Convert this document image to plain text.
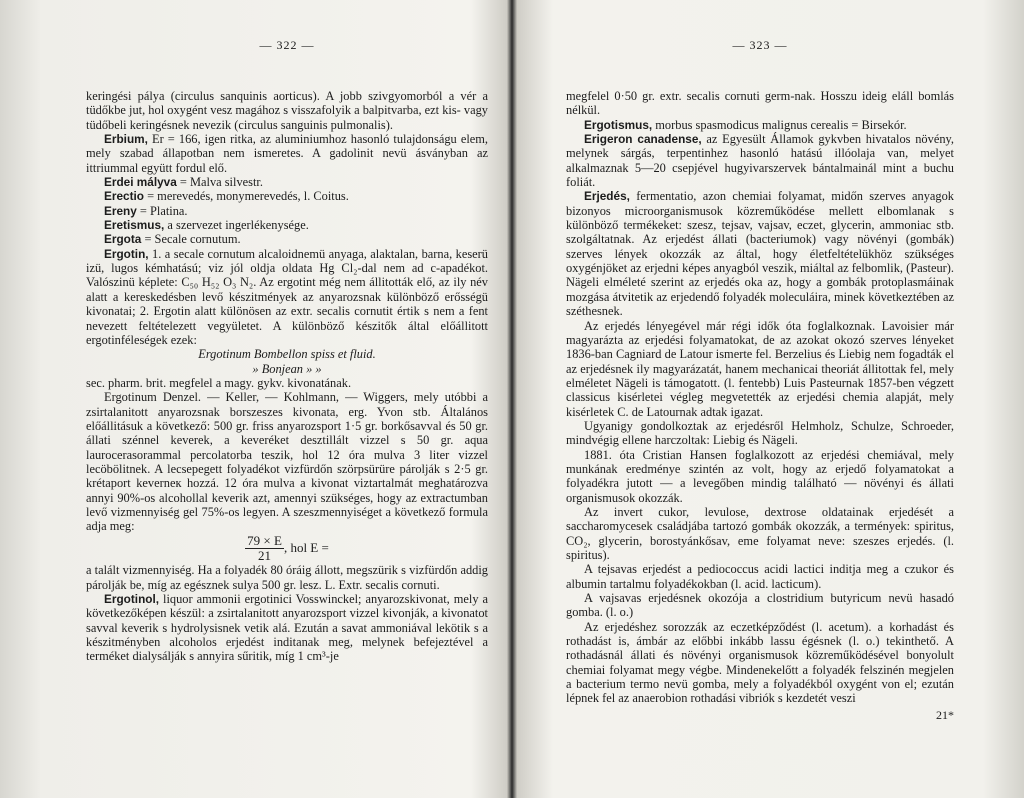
— 322 —

keringési pálya (circulus sanquinis aorticus). A jobb szivgyomorból a vér a tüdőkbe jut, hol oxygént vesz magához s visszafolyik a balpitvarba, ezt kis- vagy tüdőbeli keringésnek nevezik (circulus sanguinis pulmonalis).

Erbium, Er = 166, igen ritka, az aluminiumhoz hasonló tulajdonságu elem, mely szabad állapotban nem ismeretes. A gadolinit nevü ásványban az ittriummal együtt fordul elő.

Erdei mályva = Malva silvestr.

Erectio = merevedés, monymerevedés, l. Coitus.

Ereny = Platina.

Eretismus, a szervezet ingerlékenysége.

Ergota = Secale cornutum.

Ergotin, 1. a secale cornutum alcaloidnemü anyaga, alaktalan, barna, keserü izü, lugos kémhatású; viz jól oldja oldata Hg Cl₂-dal nem ad c-apadékot. Valószinü képlete: C₅₀ H₅₂ O₃ N₂. Az ergotint még nem állitották elő, az ily név alatt a kereskedésben levő készitmények az anyarozsnak különböző erősségü kivonatai; 2. Ergotin alatt különösen az extr. secalis cornutit értik s nem a fent nevezett feltételezett vegyületet. A különböző készitők által előállitott ergotinféleségek ezek:

Ergotinum Bombellon spiss et fluid.

» Bonjean » »

sec. pharm. brit. megfelel a magy. gykv. kivonatának.

Ergotinum Denzel. — Keller, — Kohlmann, — Wiggers, mely utóbbi a zsirtalanitott anyarozsnak borszeszes kivonata, erg. Yvon stb. Általános előállitásuk a következő: 500 gr. friss anyarozsport 1·5 gr. borkősavval és 50 gr. állati szénnel keverek, a keveréket desztillált vizzel s 50 gr. aqua laurocerasorammal percolatorba teszik, hol 12 óra mulva 3 liter vizzel lecöbölitnek. A lecsepegett folyadékot vizfürdőn szörpsürüre párolják s 2·5 gr. krétaport keverneк hozzá. 12 óra mulva a kivonat viztartalmát meghatározva annyi 90%-os alcohollal keverik azt, amennyi szükséges, hogy az extractumban levő vizmennyiség gel 75%-os legyen. A szeszmennyiséget a következő formula adja meg:

$\frac{79 \times E}{21}$ , hol E =

a talált vizmennyiség. Ha a folyadék 80 óráig állott, megszürik s vizfürdőn addig párolják be, míg az egésznek sulya 500 gr. lesz. L. Extr. secalis cornuti.

Ergotinol, liquor ammonii ergotinici Vosswinckel; anyarozskivonat, mely a következőképen készül: a zsirtalanitott anyarozsport vizzel kivonják, a kivonatot savval keverik s hydrolysisnek vetik alá. Ezután a savat ammoniával lekötik s a készitményben alcoholos erjedést inditanak meg, melynek befejeztével a terméket dialysálják s annyira sűritik, míg 1 cm³-je

— 323 —

megfelel 0·50 gr. extr. secalis cornuti germ-nak. Hosszu ideig eláll bomlás nélkül.

Ergotismus, morbus spasmodicus malignus cerealis = Birsekór.

Erigeron canadense, az Egyesült Államok gykvben hivatalos növény, melynek sárgás, terpentinhez hasonló hatású illóolaja van, melyet alkalmaznak 5—20 csepjével hugyivarszervek bántalmainál mint a buchu foliát.

Erjedés, fermentatio, azon chemiai folyamat, midőn szerves anyagok bizonyos microorganismusok közreműködése mellett elbomlanak s különböző termékeket: szesz, tejsav, vajsav, eczet, glycerin, ammoniac stb. szolgáltatnak. Az erjedést állati (bacteriumok) vagy növényi (gombák) szerves lények okozzák az által, hogy életfeltételükhöz szükséges oxygénjöket az erjedni képes anyagból veszik, miáltal az felbomlik, (Pasteur). Nägeli elméleté szerint az erjedés oka az, hogy a gombák protoplasmáinak mozgása átvitetik az erjedendő folyadék moleculáira, minek következtében az széthesnek.

Az erjedés lényegével már régi idők óta foglalkoznak. Lavoisier már magyarázta az erjedési folyamatokat, de az azokat okozó szerves lényeket 1836-ban Cagniard de Latour ismerte fel. Berzelius és Liebig nem fogadták el az erjedésnek ily magyarázatát, hanem mechanicai theoriát állitottak fel, mely elméletet Nägeli is támogatott. (l. fentebb) Luis Pasteurnak 1857-ben végzett classicus kisérletei végleg megvetették az erjedési chemia alapját, mely kisérletek C. de Latournak adtak igazat.

Ugyanigy gondolkoztak az erjedésről Helmholz, Schulze, Schroeder, mindvégig ellene harczoltak: Liebig és Nägeli.

1881. óta Cristian Hansen foglalkozott az erjedési chemiával, mely munkának eredménye szintén az volt, hogy az erjedő folyamatokat a folyadékra jutott — a levegőben mindig található — növényi és állati organismusok okozzák.

Az invert cukor, levulose, dextrose oldatainak erjedését a saccharomycesek családjába tartozó gombák okozzák, a termények: spiritus, CO₂, glycerin, borostyánkősav, eme folyamat neve: szeszes erjedés. (l. spiritus).

A tejsavas erjedést a pediococcus acidi lactici inditja meg a czukor és albumin tartalmu folyadékokban (l. acid. lacticum).

A vajsavas erjedésnek okozója a clostridium butyricum nevü hasadó gomba. (l. o.)

Az erjedéshez sorozzák az eczetképződést (l. acetum). a korhadást és rothadást is, ámbár az előbbi inkább lassu égésnek (l. o.) tekinthető. A rothadásnál állati és növényi organismusok közreműködésével bonyolult chemiai folyamat megy végbe. Mindenekelőtt a folyadék felszinén megjelen a bacterium termo nevü gomba, mely a folyadékból oxygént von el; ezután lépnek fel az anaerobion rothadási vibriók s kezdetét veszi

21*
